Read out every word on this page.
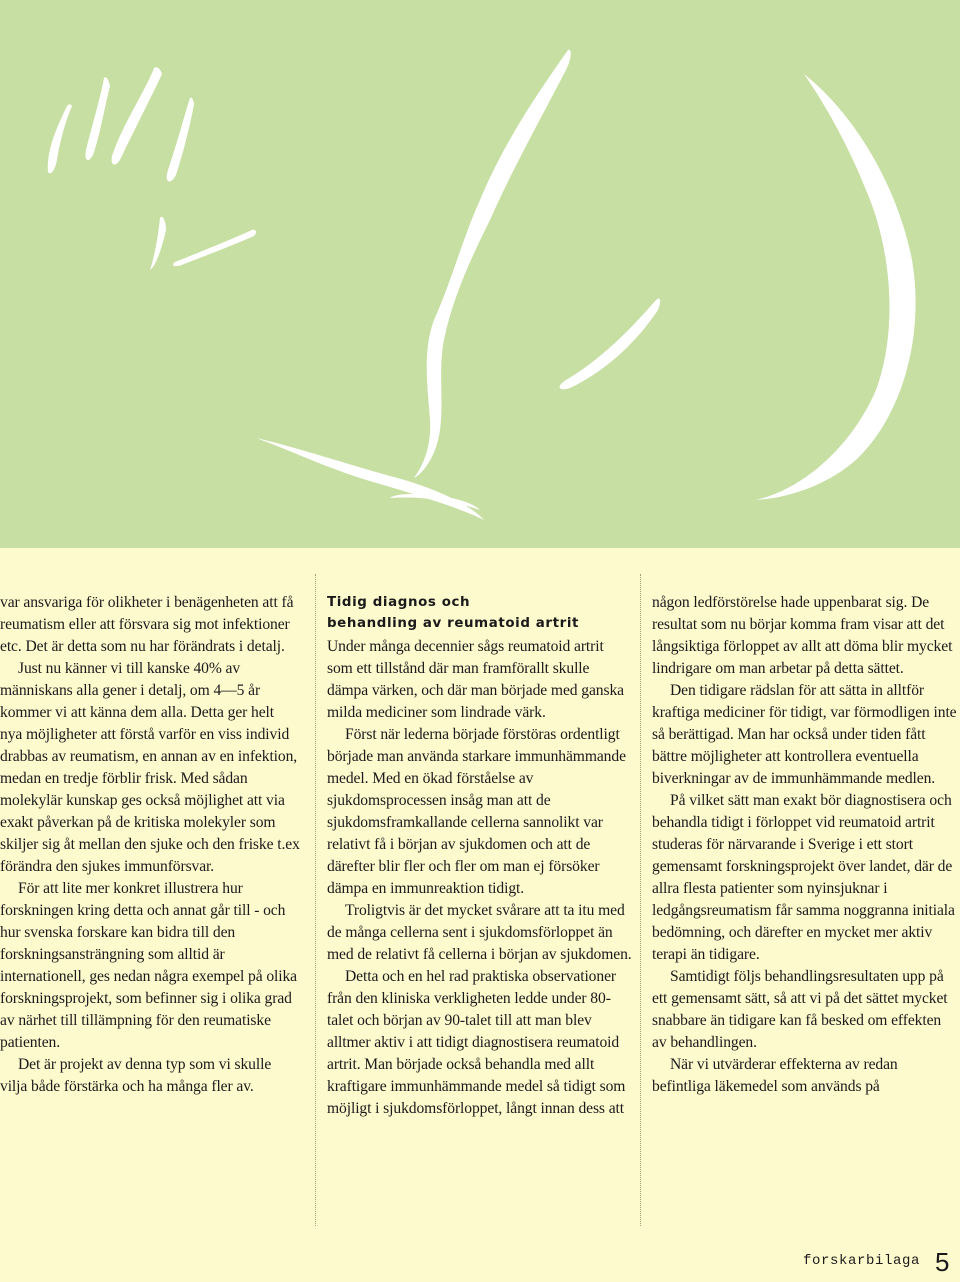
var ansvariga för olikheter i benägenheten att få reumatism eller att försvara sig mot infektioner etc. Det är detta som nu har förändrats i detalj.

Just nu känner vi till kanske 40% av människans alla gener i detalj, om 4—5 år kommer vi att känna dem alla. Detta ger helt nya möjligheter att förstå varför en viss individ drabbas av reumatism, en annan av en infektion, medan en tredje förblir frisk. Med sådan molekylär kunskap ges också möjlighet att via exakt påverkan på de kritiska molekyler som skiljer sig åt mellan den sjuke och den friske t.ex förändra den sjukes immunförsvar.

För att lite mer konkret illustrera hur forskningen kring detta och annat går till - och hur svenska forskare kan bidra till den forskningsansträngning som alltid är internationell, ges nedan några exempel på olika forskningsprojekt, som befinner sig i olika grad av närhet till tillämpning för den reumatiske patienten.

Det är projekt av denna typ som vi skulle vilja både förstärka och ha många fler av.

Tidig diagnos och
behandling av reumatoid artrit

Under många decennier sågs reumatoid artrit som ett tillstånd där man framförallt skulle dämpa värken, och där man började med ganska milda mediciner som lindrade värk.

Först när lederna började förstöras ordentligt började man använda starkare immunhämmande medel. Med en ökad förståelse av sjukdomsprocessen insåg man att de sjukdomsframkallande cellerna sannolikt var relativt få i början av sjukdomen och att de därefter blir fler och fler om man ej försöker dämpa en immunreaktion tidigt.

Troligtvis är det mycket svårare att ta itu med de många cellerna sent i sjukdomsförloppet än med de relativt få cellerna i början av sjukdomen.

Detta och en hel rad praktiska observationer från den kliniska verkligheten ledde under 80-talet och början av 90-talet till att man blev alltmer aktiv i att tidigt diagnostisera reumatoid artrit. Man började också behandla med allt kraftigare immunhämmande medel så tidigt som möjligt i sjukdomsförloppet, långt innan dess att

någon ledförstörelse hade uppenbarat sig. De resultat som nu börjar komma fram visar att det långsiktiga förloppet av allt att döma blir mycket lindrigare om man arbetar på detta sättet.

Den tidigare rädslan för att sätta in alltför kraftiga mediciner för tidigt, var förmodligen inte så berättigad. Man har också under tiden fått bättre möjligheter att kontrollera eventuella biverkningar av de immunhämmande medlen.

På vilket sätt man exakt bör diagnostisera och behandla tidigt i förloppet vid reumatoid artrit studeras för närvarande i Sverige i ett stort gemensamt forskningsprojekt över landet, där de allra flesta patienter som nyinsjuknar i ledgångsreumatism får samma noggranna initiala bedömning, och därefter en mycket mer aktiv terapi än tidigare.

Samtidigt följs behandlingsresultaten upp på ett gemensamt sätt, så att vi på det sättet mycket snabbare än tidigare kan få besked om effekten av behandlingen.

När vi utvärderar effekterna av redan befintliga läkemedel som används på

forskarbilaga 5
